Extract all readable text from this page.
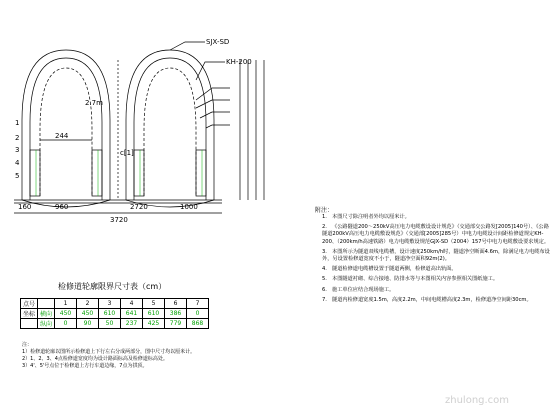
SJX-SD
KH-200
c[1]
1
2
3
4
5
160	960	2720	1000
3720
244
2.7m
检修道轮廓限界尺寸表（cm）
点号		1	2	3	4	5	6	7
坐标	横向	450	450	610	641	610	386	0
	纵向	0	90	50	237	425	779	868
注：
1）检修道轮廓以图所示检修道上下行左右分成两部分，图中尺寸均以厘米计。
2）1、2、3、4点检修道宽度均为设计路面标高及检修道标高处。
3）4'、5'号点位于检修道上方行车道边缘，7点为拱顶。
附注：
1. 本图尺寸除注明者外均以厘米计。
2. 《公路隧道200～250kV高压电力电缆敷设设计规范》（交通部交公路发[2005]140号）、《公路隧道200kV高压电力电缆敷设规范》（交通部[2005]285号）中电力电缆设计间距检修道规定KH-200、（200km/h高速铁路）电力电缆敷设规范GJX-SD（2004）157号中电力电缆敷设要求规定。
3. 本图所示为隧道双线电缆槽，设计速度250km/h时，隧道净空断面4.6m，除满足电力电缆布设外，另设置检修道宽度不小于，隧道净空面积92m(2)。
4. 隧道检修道电缆槽设置于隧道两侧，检修道高出轨面。
5. 本图隧道衬砌、综合接地、防排水等与本图相关内容参照相关图纸施工。
6. 施工单位应结合现场施工。
7. 隧道内检修道宽度1.5m，高度2.2m，中间电缆槽高度2.3m，检修道净空间距30cm。
zhulong.com
